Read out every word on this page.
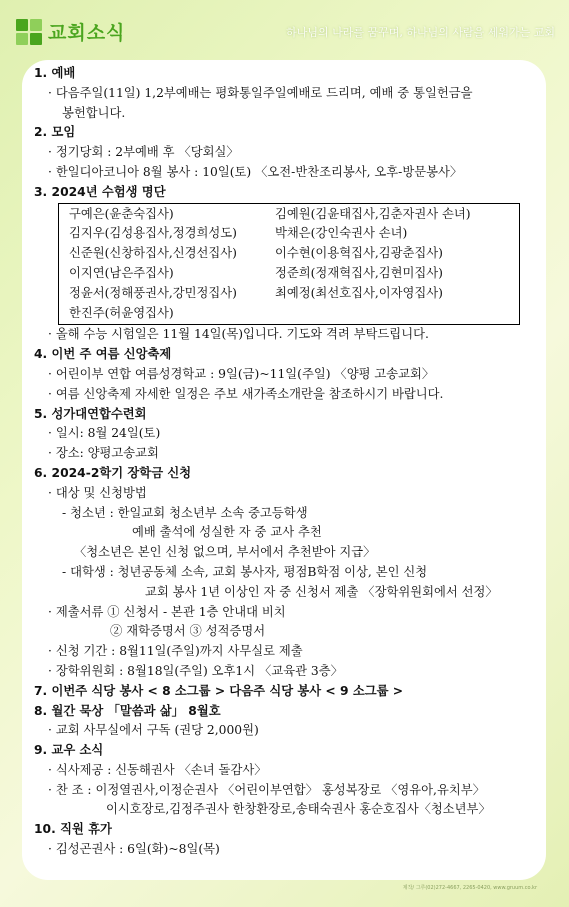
교회소식	하나님의 나라를 꿈꾸며, 하나님의 사람을 세워가는 교회
1. 예배
· 다음주일(11일) 1,2부예배는 평화통일주일예배로 드리며, 예배 중 통일헌금을
봉헌합니다.
2. 모임
· 정기당회 : 2부예배 후 〈당회실〉
· 한일디아코니아 8월 봉사 : 10일(토) 〈오전-반찬조리봉사, 오후-방문봉사〉
3. 2024년 수험생 명단
구예은(윤춘숙집사)	김예원(김윤태집사,김춘자권사 손녀)
김지우(김성용집사,정경희성도)	박채은(강인숙권사 손녀)
신준원(신창하집사,신경선집사)	이수현(이용혁집사,김광춘집사)
이지연(남은주집사)	정준희(정재혁집사,김현미집사)
정윤서(정해풍권사,강민정집사)	최예정(최선호집사,이자영집사)
한진주(허윤영집사)
· 올해 수능 시험일은 11월 14일(목)입니다. 기도와 격려 부탁드립니다.
4. 이번 주 여름 신앙축제
· 어린이부 연합 여름성경학교 : 9일(금)~11일(주일) 〈양평 고송교회〉
· 여름 신앙축제 자세한 일정은 주보 새가족소개란을 참조하시기 바랍니다.
5. 성가대연합수련회
· 일시: 8월 24일(토)
· 장소: 양평고송교회
6. 2024-2학기 장학금 신청
· 대상 및 신청방법
- 청소년 : 한일교회 청소년부 소속 중고등학생
예배 출석에 성실한 자 중 교사 추천
〈청소년은 본인 신청 없으며, 부서에서 추천받아 지급〉
- 대학생 : 청년공동체 소속, 교회 봉사자, 평점B학점 이상, 본인 신청
교회 봉사 1년 이상인 자 중 신청서 제출 〈장학위원회에서 선정〉
· 제출서류 ① 신청서 - 본관 1층 안내대 비치
② 재학증명서 ③ 성적증명서
· 신청 기간 : 8월11일(주일)까지 사무실로 제출
· 장학위원회 : 8월18일(주일) 오후1시 〈교육관 3층〉
7. 이번주 식당 봉사 < 8 소그룹 > 다음주 식당 봉사 < 9 소그룹 >
8. 월간 묵상 「말씀과 삶」 8월호
· 교회 사무실에서 구독 (권당 2,000원)
9. 교우 소식
· 식사제공 : 신동해권사 〈손녀 돌감사〉
· 찬 조 : 이정열권사,이정순권사 〈어린이부연합〉 홍성복장로 〈영유아,유치부〉
이시호장로,김정주권사 한창환장로,송태숙권사 홍순호집사〈청소년부〉
10. 직원 휴가
· 김성곤권사 : 6일(화)~8일(목)
제작/ 그루(02)272-4667, 2265-0420, www.gruum.co.kr
